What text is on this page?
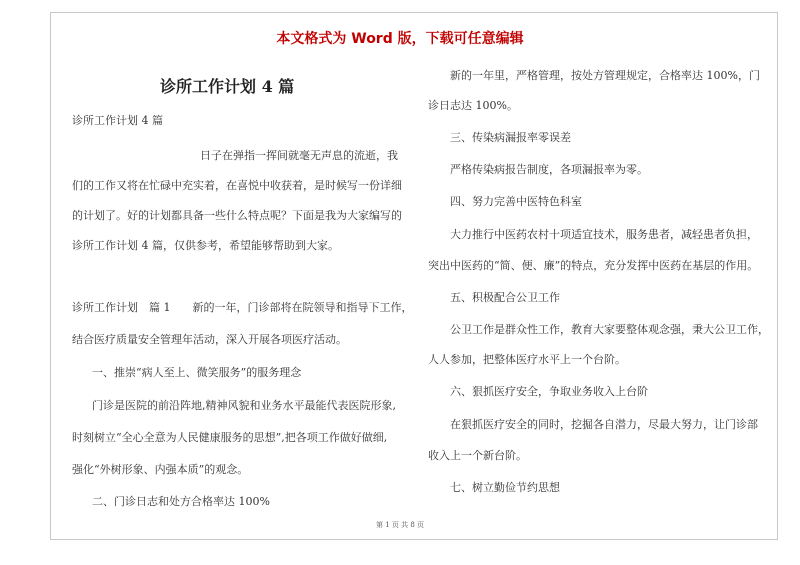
本文格式为 Word 版，下载可任意编辑
诊所工作计划 4 篇
诊所工作计划 4 篇
日子在弹指一挥间就毫无声息的流逝，我
们的工作又将在忙碌中充实着，在喜悦中收获着，是时候写一份详细
的计划了。好的计划都具备一些什么特点呢？下面是我为大家编写的
诊所工作计划 4 篇，仅供参考，希望能够帮助到大家。
诊所工作计划　篇 1　　新的一年，门诊部将在院领导和指导下工作，
结合医疗质量安全管理年活动，深入开展各项医疗活动。
一、推崇“病人至上、微笑服务”的服务理念
门诊是医院的前沿阵地,精神风貌和业务水平最能代表医院形象,
时刻树立“全心全意为人民健康服务的思想”,把各项工作做好做细,
强化“外树形象、内强本质”的观念。
二、门诊日志和处方合格率达 100%
新的一年里，严格管理，按处方管理规定，合格率达 100%，门
诊日志达 100%。
三、传染病漏报率零误差
严格传染病报告制度，各项漏报率为零。
四、努力完善中医特色科室
大力推行中医药农村十项适宜技术，服务患者，减轻患者负担，
突出中医药的“简、便、廉”的特点，充分发挥中医药在基层的作用。
五、积极配合公卫工作
公卫工作是群众性工作，教育大家要整体观念强，秉大公卫工作，
人人参加，把整体医疗水平上一个台阶。
六、狠抓医疗安全，争取业务收入上台阶
在狠抓医疗安全的同时，挖掘各自潜力，尽最大努力，让门诊部
收入上一个新台阶。
七、树立勤俭节约思想
第 1 页 共 8 页
